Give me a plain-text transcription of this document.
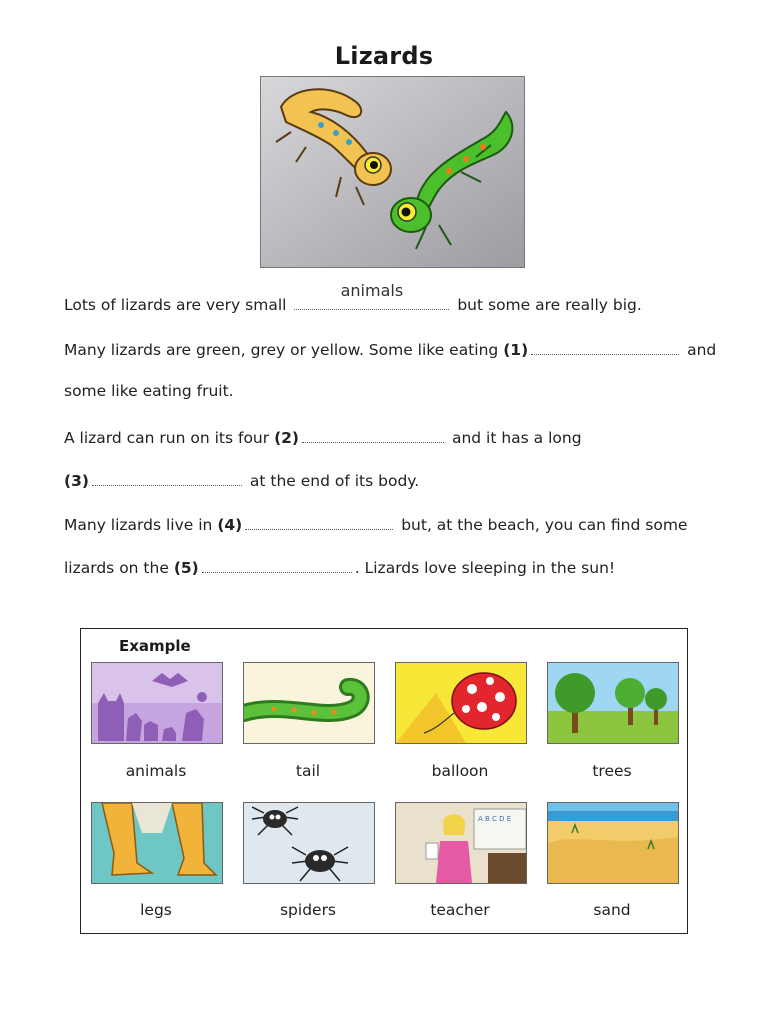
Lizards
Lots of lizards are very small
animals
but some are really big.
Many lizards are green, grey or yellow. Some like eating (1)	and
some like eating fruit.
A lizard can run on its four (2)	and it has a long
(3)	at the end of its body.
Many lizards live in (4)	but, at the beach, you can find some
lizards on the (5)	. Lizards love sleeping in the sun!
Example
animals	tail	balloon	trees
legs	spiders
A B C D E
teacher	sand
